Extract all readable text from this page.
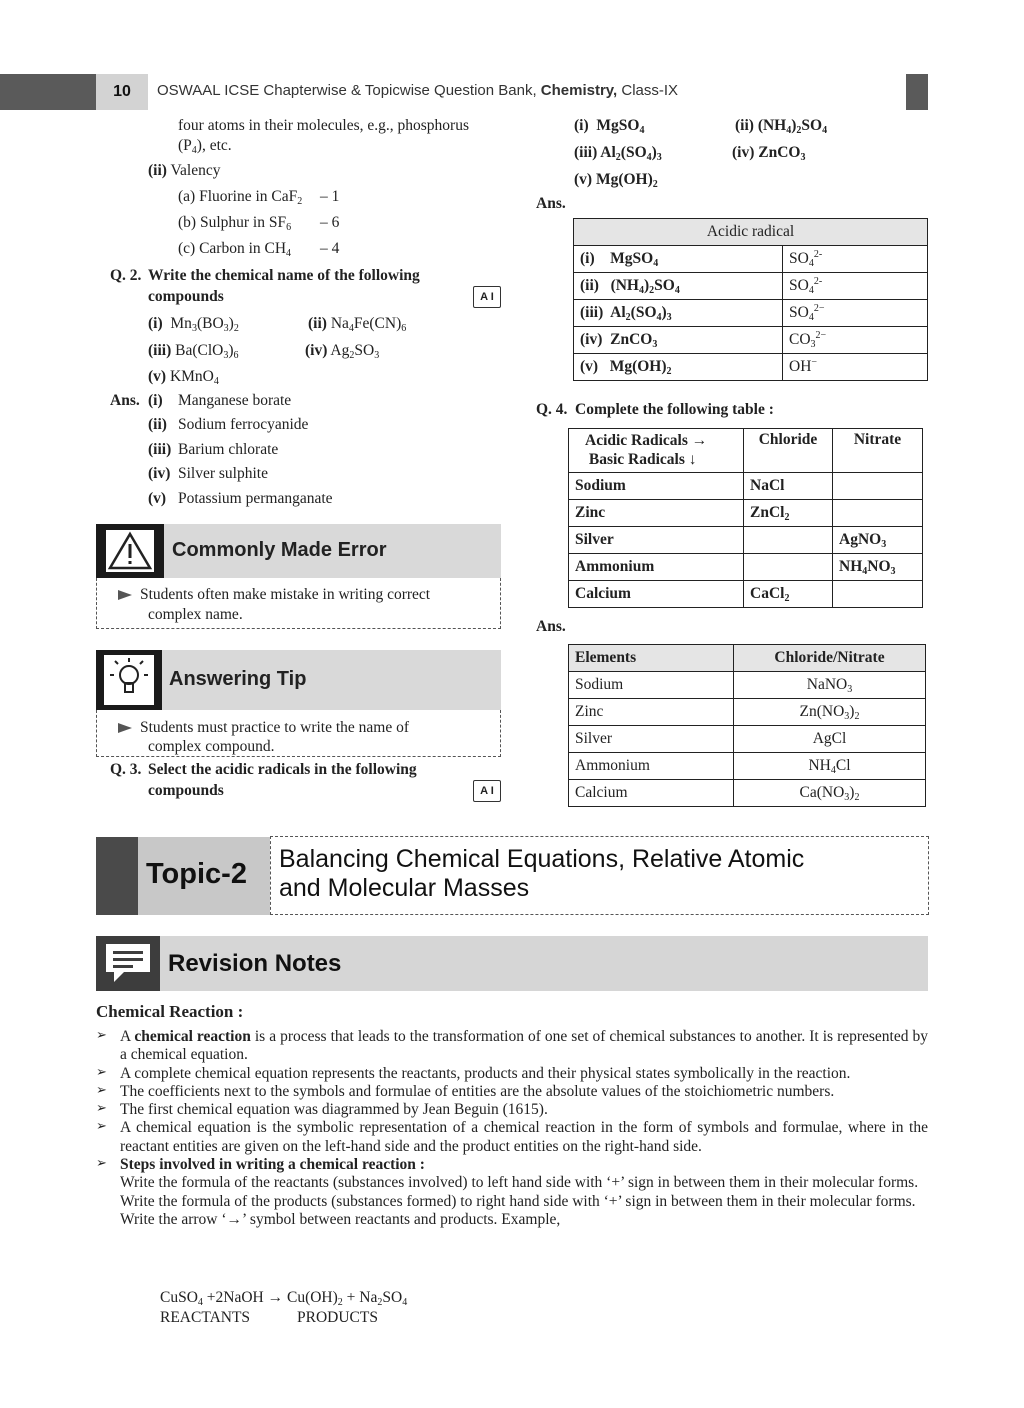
10	OSWAAL ICSE Chapterwise & Topicwise Question Bank, Chemistry, Class-IX
four atoms in their molecules, e.g., phosphorus
$(P_4)$, etc.
(ii) Valency
(a) Fluorine in CaF$_2$ – 1
(b) Sulphur in $SF_6 - 6$
(c) Carbon in $CH_4 - 4$
Q. 2. Write the chemical name of the following
compounds	A I
(i)  $Mn_3(BO_3)_2$	(ii) $Na_4Fe(CN)_6$
(iii) $Ba(ClO_3)_6$	(iv) $Ag_2SO_3$
(v) KMnO$_4$
Ans. (i) Manganese borate
(ii) Sodium ferrocyanide
(iii) Barium chlorate
(iv) Silver sulphite
(v) Potassium permanganate
Commonly Made Error
Students often make mistake in writing correct
complex name.
Answering Tip
Students must practice to write the name of
complex compound.
Q. 3. Select the acidic radicals in the following
compounds	A I
(i)  MgSO$_4$	(ii) $(NH_4)_2SO_4$
(iii) $Al_2(SO_4)_3$	(iv) ZnCO$_3$
(v) $Mg(OH)_2$
Ans.
Acidic radical	
(i)    MgSO$_4$	$SO_4^{2-}$
(ii)   $(NH_4)_2SO_4$	$SO_4^{2-}$
(iii)  $Al_2(SO_4)_3$	$SO_4^{2-}$
(iv)  ZnCO$_3$	$CO_3^{2-}$
(v)   $Mg(OH)_2$	OH−
Q. 4. Complete the following table :
Acidic Radicals →
Basic Radicals ↓	Chloride	Nitrate
Sodium	NaCl	
Zinc	ZnCl$_2$	
Silver		AgNO$_3$
Ammonium		$NH_4NO_3$
Calcium	CaCl$_2$	
Ans.
Elements	Chloride/Nitrate
Sodium	NaNO$_3$
Zinc	$Zn(NO_3)_2$
Silver	AgCl
Ammonium	$NH_4Cl$
Calcium	$Ca(NO_3)_2$
Topic-2 Balancing Chemical Equations, Relative Atomic
and Molecular Masses
Revision Notes
Chemical Reaction :
➢ A chemical reaction is a process that leads to the transformation of one set of chemical substances to another. It is represented by a chemical equation.
➢ A complete chemical equation represents the reactants, products and their physical states symbolically in the reaction.
➢ The coefficients next to the symbols and formulae of entities are the absolute values of the stoichiometric numbers.
➢ The first chemical equation was diagrammed by Jean Beguin (1615).
➢ A chemical equation is the symbolic representation of a chemical reaction in the form of symbols and formulae, where in the reactant entities are given on the left-hand side and the product entities on the right-hand side.
➢ Steps involved in writing a chemical reaction :
Write the formula of the reactants (substances involved) to left hand side with ‘+’ sign in between them in their molecular forms.
Write the formula of the products (substances formed) to right hand side with ‘+’ sign in between them in their molecular forms.
Write the arrow ‘→’ symbol between reactants and products. Example,
CuSO$_4$ +2NaOH → $Cu(OH)_2 + Na_2SO_4$
REACTANTS	PRODUCTS
